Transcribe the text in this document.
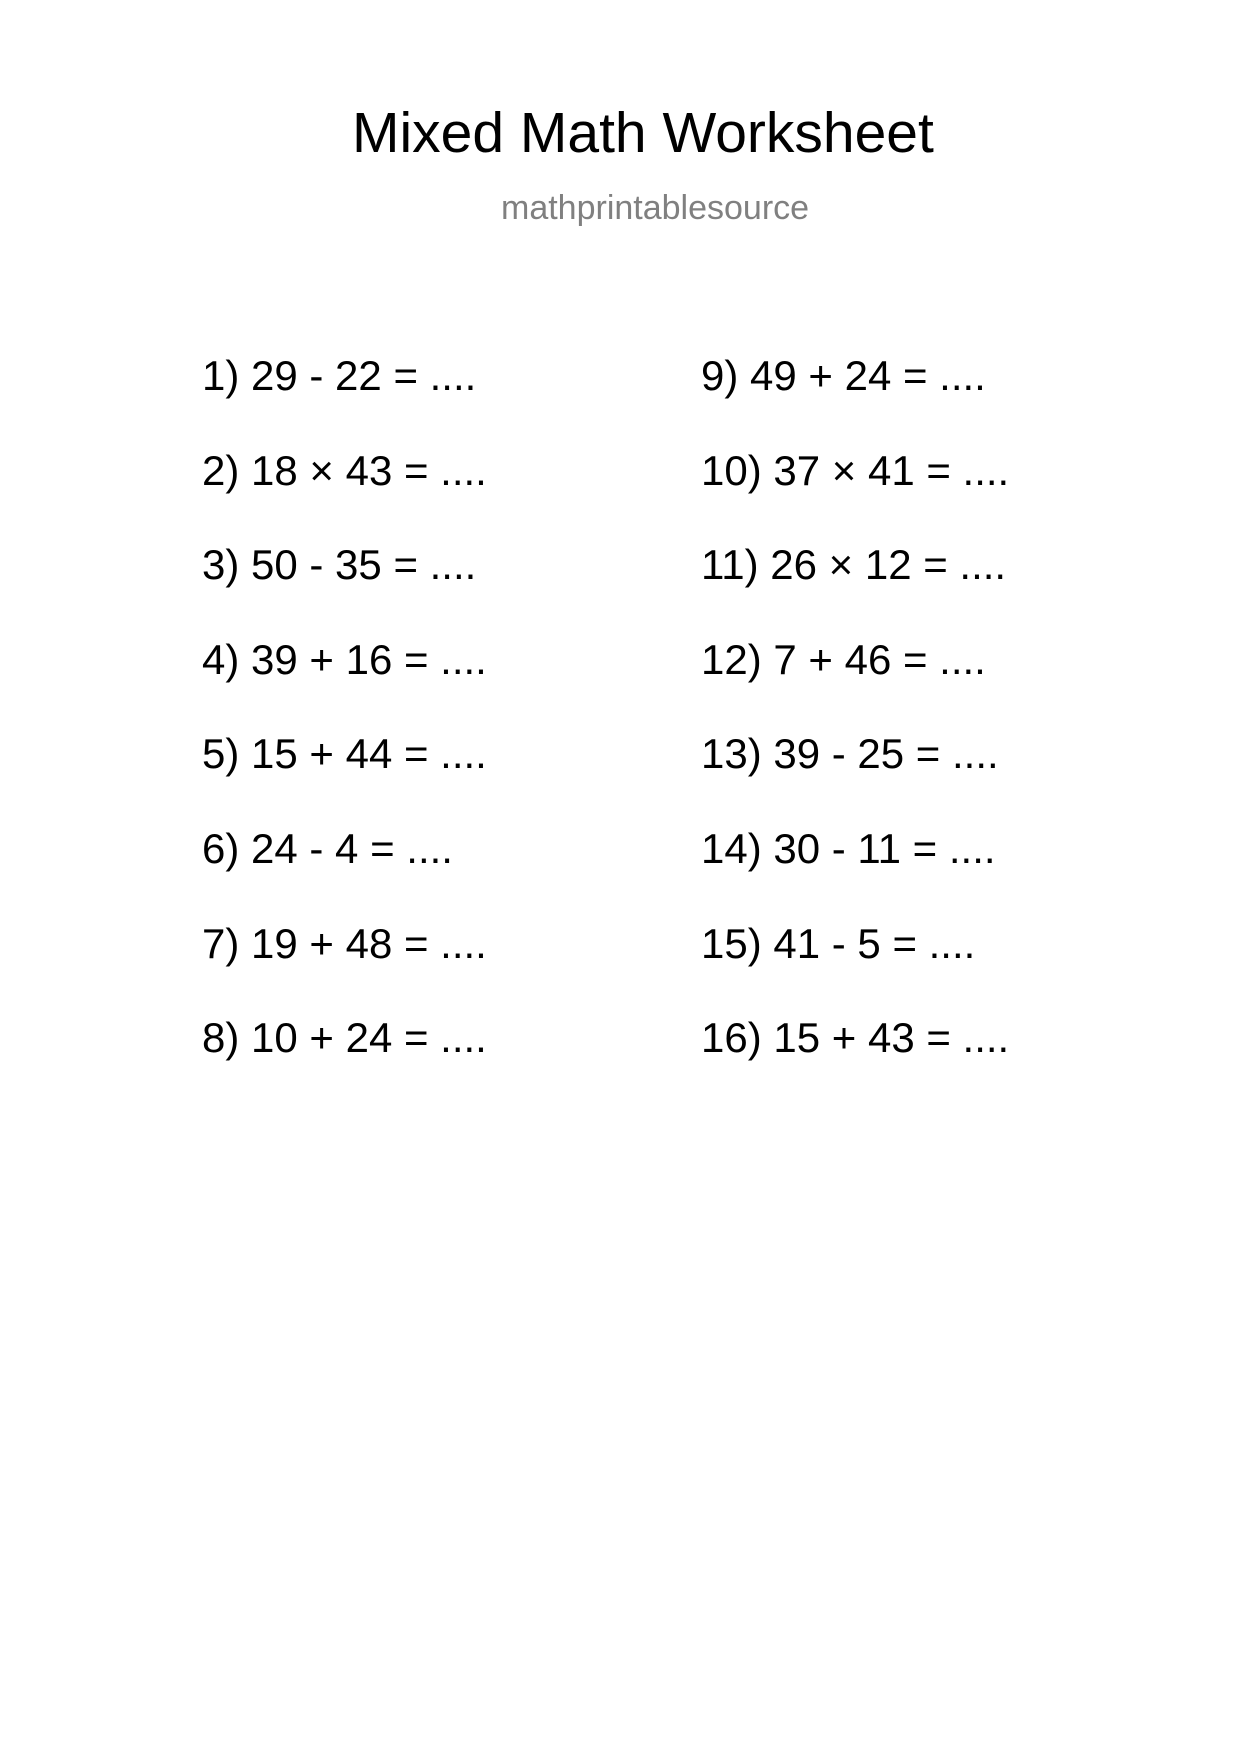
Mixed Math Worksheet
mathprintablesource
1) 29 - 22 = ....
2) 18 × 43 = ....
3) 50 - 35 = ....
4) 39 + 16 = ....
5) 15 + 44 = ....
6) 24 - 4 = ....
7) 19 + 48 = ....
8) 10 + 24 = ....
9) 49 + 24 = ....
10) 37 × 41 = ....
11) 26 × 12 = ....
12) 7 + 46 = ....
13) 39 - 25 = ....
14) 30 - 11 = ....
15) 41 - 5 = ....
16) 15 + 43 = ....
